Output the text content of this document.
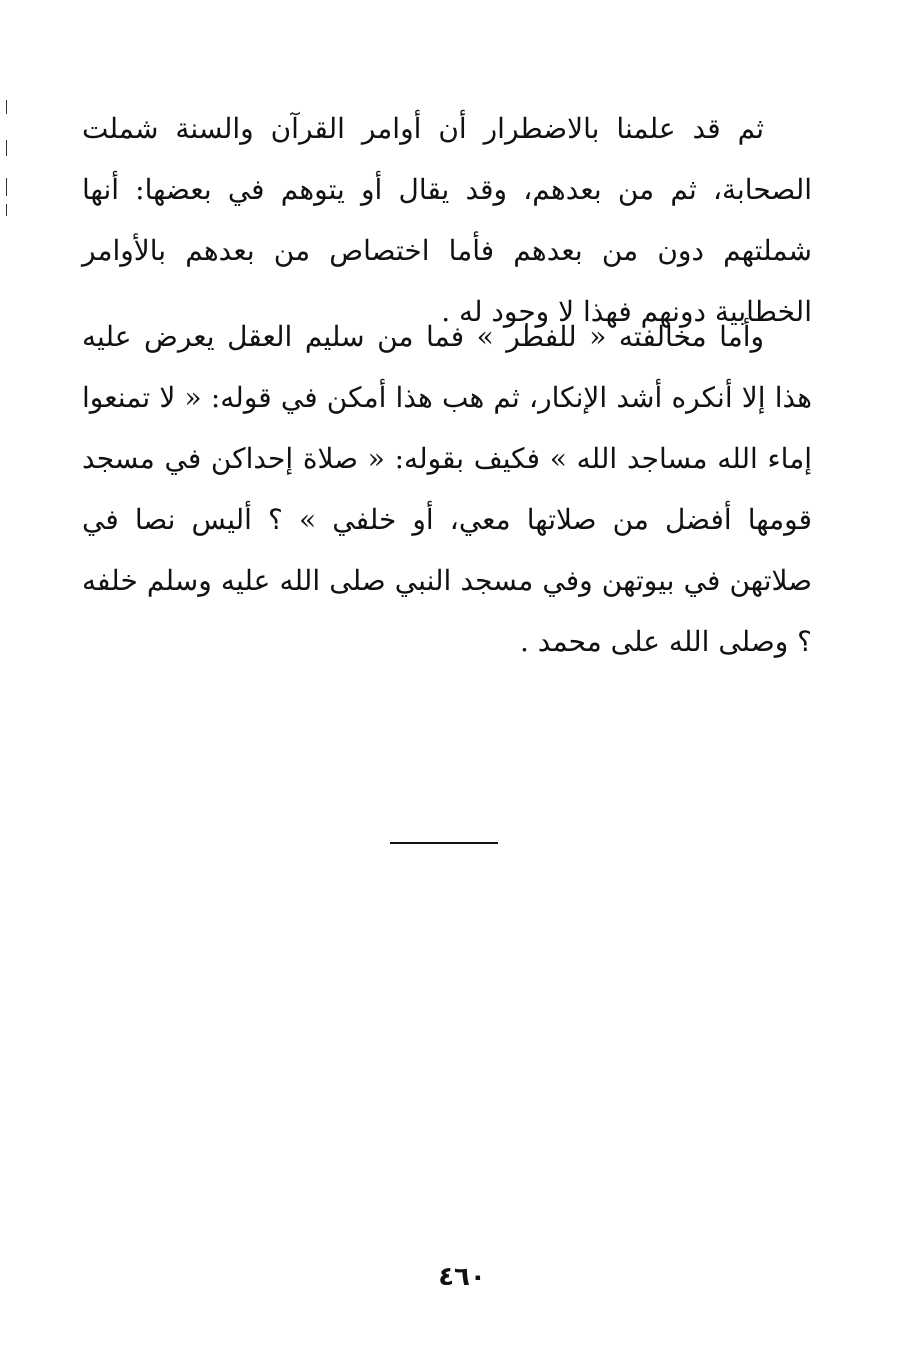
ثم قد علمنا بالاضطرار أن أوامر القرآن والسنة شملت الصحابة، ثم من بعدهم، وقد يقال أو يتوهم في بعضها: أنها شملتهم دون من بعدهم فأما اختصاص من بعدهم بالأوامر الخطابية دونهم فهذا لا وجود له .

وأما مخالفته « للفطر » فما من سليم العقل يعرض عليه هذا إلا أنكره أشد الإنكار، ثم هب هذا أمكن في قوله: « لا تمنعوا إماء الله مساجد الله » فكيف بقوله: « صلاة إحداكن في مسجد قومها أفضل من صلاتها معي، أو خلفي » ؟ أليس نصا في صلاتهن في بيوتهن وفي مسجد النبي صلى الله عليه وسلم خلفه ؟ وصلى الله على محمد .

٤٦٠
